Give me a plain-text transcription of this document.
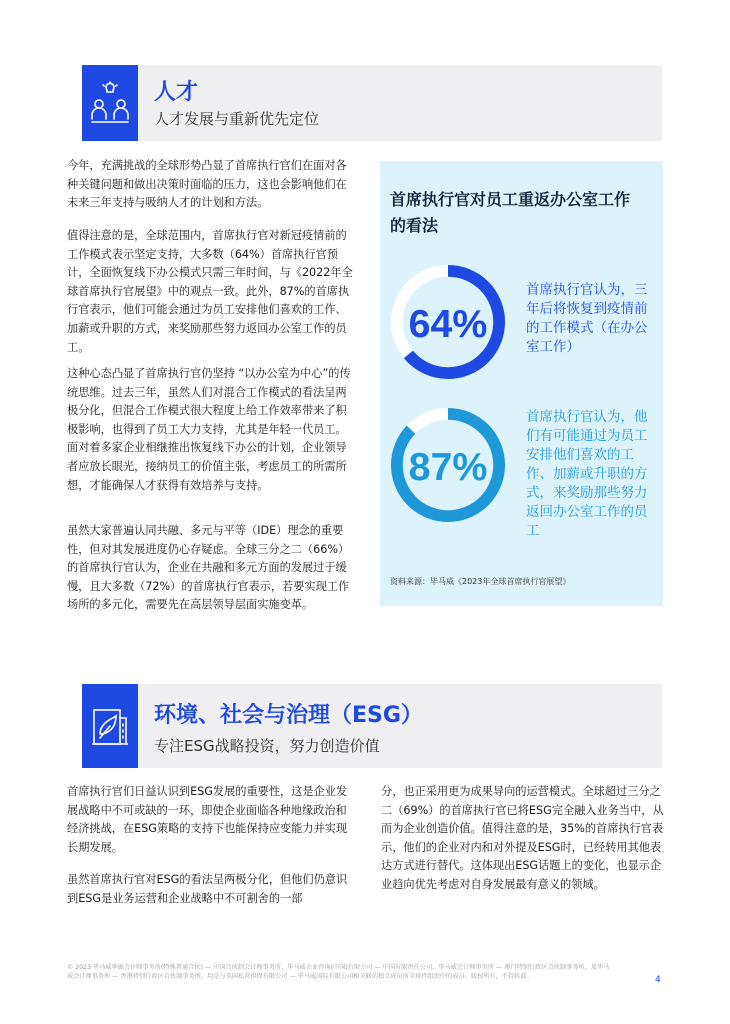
人才
人才发展与重新优先定位

今年，充满挑战的全球形势凸显了首席执行官们在面对各种关键问题和做出决策时面临的压力，这也会影响他们在未来三年支持与吸纳人才的计划和方法。

值得注意的是，全球范围内，首席执行官对新冠疫情前的工作模式表示坚定支持，大多数（64%）首席执行官预计，全面恢复线下办公模式只需三年时间，与《2022年全球首席执行官展望》中的观点一致。此外，87%的首席执行官表示，他们可能会通过为员工安排他们喜欢的工作、加薪或升职的方式，来奖励那些努力返回办公室工作的员工。

这种心态凸显了首席执行官仍坚持 “以办公室为中心”的传统思维。过去三年，虽然人们对混合工作模式的看法呈两极分化，但混合工作模式很大程度上给工作效率带来了积极影响，也得到了员工大力支持，尤其是年轻一代员工。面对着多家企业相继推出恢复线下办公的计划，企业领导者应放长眼光，接纳员工的价值主张，考虑员工的所需所想，才能确保人才获得有效培养与支持。

虽然大家普遍认同共融、多元与平等（IDE）理念的重要性，但对其发展进度仍心存疑虑。全球三分之二（66%）的首席执行官认为，企业在共融和多元方面的发展过于缓慢，且大多数（72%）的首席执行官表示，若要实现工作场所的多元化，需要先在高层领导层面实施变革。

首席执行官对员工重返办公室工作的看法
64%
首席执行官认为，三年后将恢复到疫情前的工作模式（在办公室工作）
87%
首席执行官认为，他们有可能通过为员工安排他们喜欢的工作、加薪或升职的方式，来奖励那些努力返回办公室工作的员工
资料来源：毕马威《2023年全球首席执行官展望》
环境、社会与治理（ESG）
专注ESG战略投资，努力创造价值

首席执行官们日益认识到ESG发展的重要性，这是企业发展战略中不可或缺的一环，即使企业面临各种地缘政治和经济挑战，在ESG策略的支持下也能保持应变能力并实现长期发展。

虽然首席执行官对ESG的看法呈两极分化，但他们仍意识到ESG是业务运营和企业战略中不可割舍的一部

分，也正采用更为成果导向的运营模式。全球超过三分之二（69%）的首席执行官已将ESG完全融入业务当中，从而为企业创造价值。值得注意的是，35%的首席执行官表示，他们的企业对内和对外提及ESG时，已经转用其他表达方式进行替代。这体现出ESG话题上的变化，也显示企业趋向优先考虑对自身发展最有意义的领域。

© 2023 毕马威华振会计师事务所(特殊普通合伙) — 中国合伙制会计师事务所，毕马威企业咨询(中国)有限公司 — 中国有限责任公司，毕马威会计师事务所 — 澳门特别行政区合伙制事务所，及毕马威会计师事务所 — 香港特别行政区合伙制事务所，均是与英国私营担保有限公司 — 毕马威国际有限公司相关联的独立成员所全球性组织中的成员。版权所有，不得转载。	4
